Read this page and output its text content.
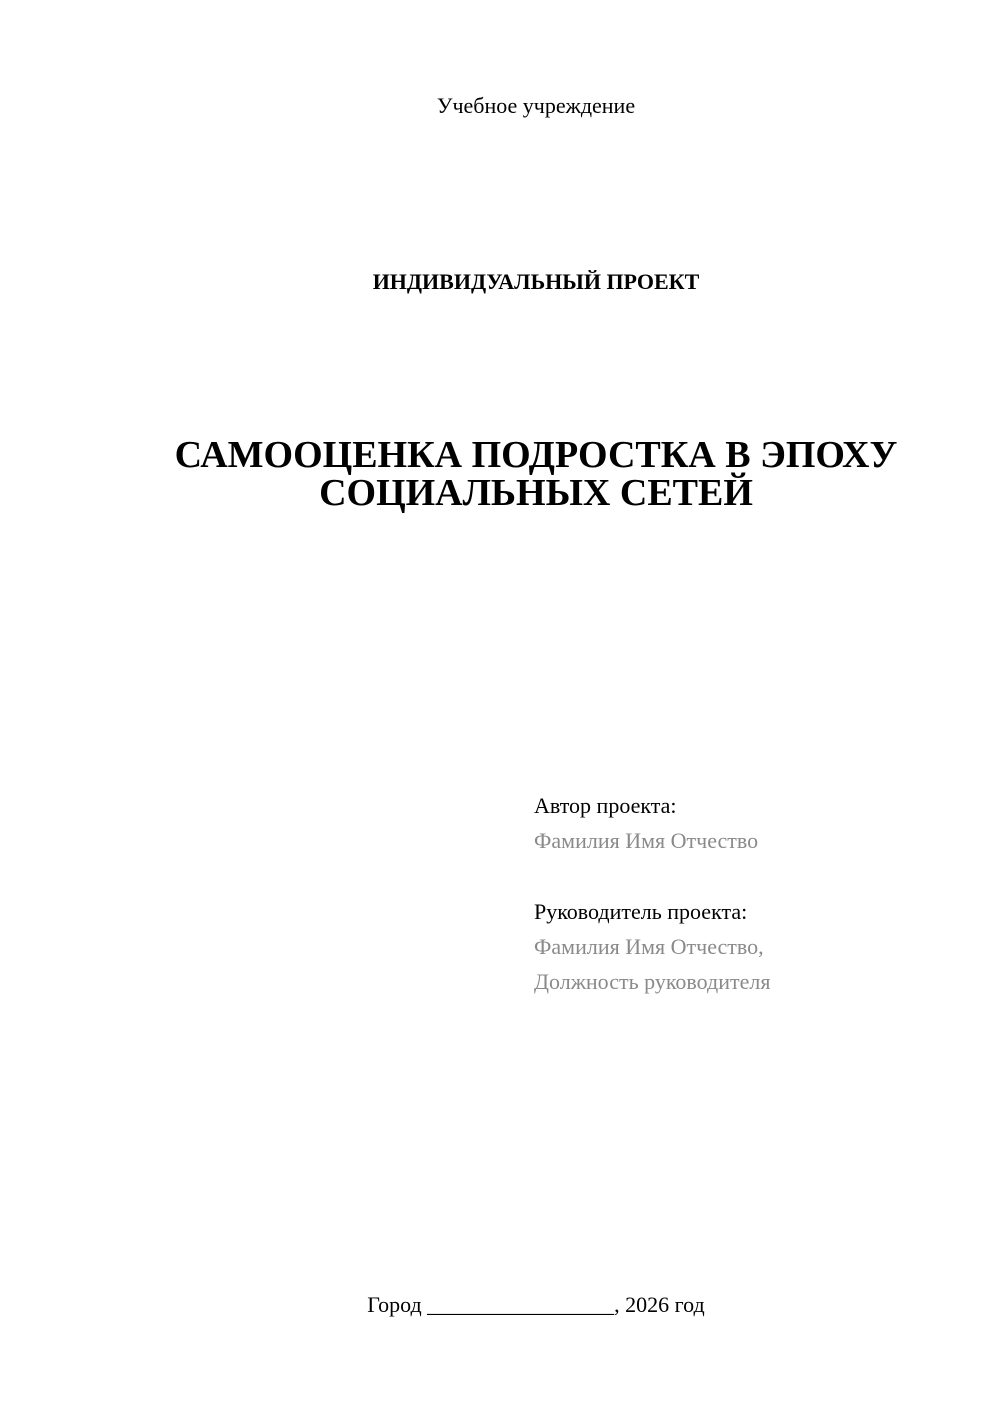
Учебное учреждение
ИНДИВИДУАЛЬНЫЙ ПРОЕКТ
САМООЦЕНКА ПОДРОСТКА В ЭПОХУ
СОЦИАЛЬНЫХ СЕТЕЙ
Автор проекта:
Фамилия Имя Отчество
Руководитель проекта:
Фамилия Имя Отчество,
Должность руководителя
Город _________________, 2026 год
